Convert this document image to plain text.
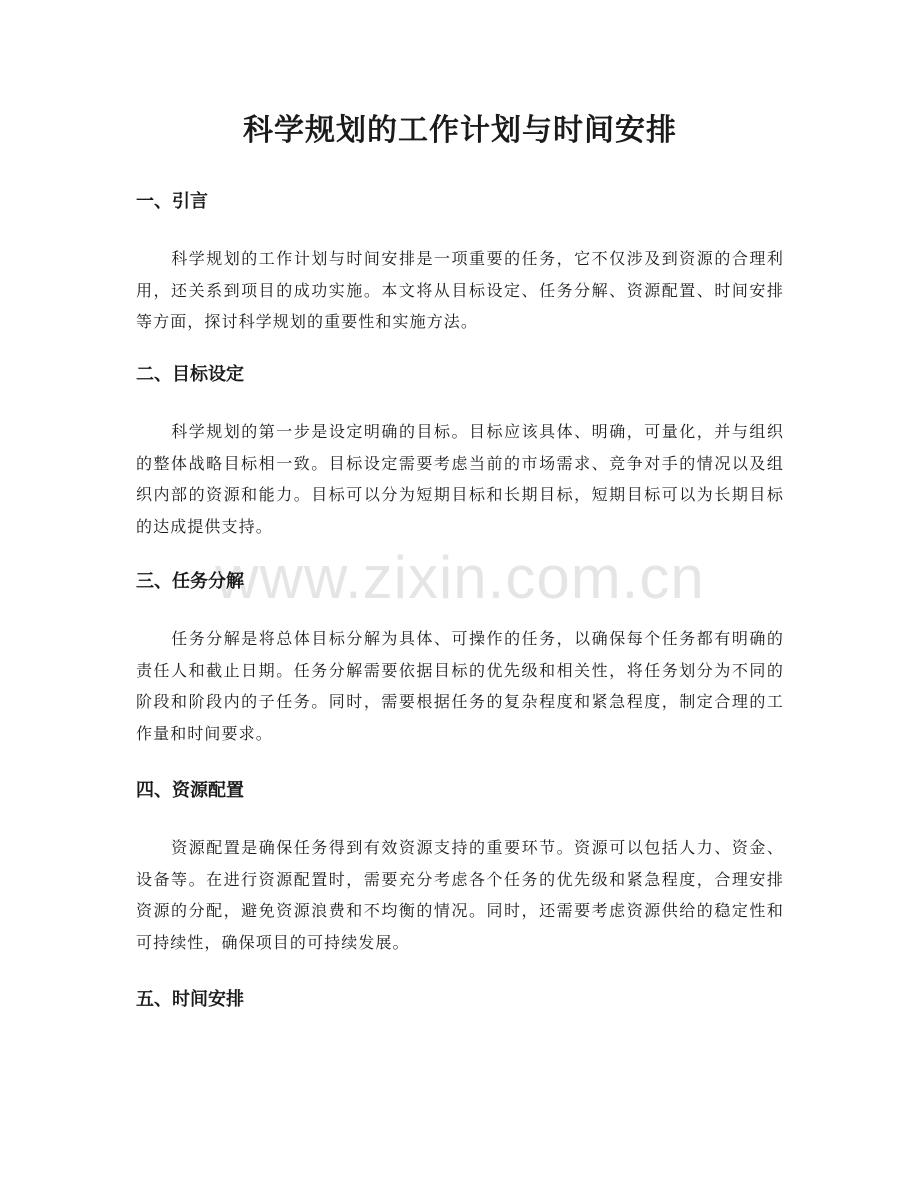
科学规划的工作计划与时间安排
一、引言

科学规划的工作计划与时间安排是一项重要的任务，它不仅涉及到资源的合理利用，还关系到项目的成功实施。本文将从目标设定、任务分解、资源配置、时间安排等方面，探讨科学规划的重要性和实施方法。

二、目标设定

科学规划的第一步是设定明确的目标。目标应该具体、明确，可量化，并与组织的整体战略目标相一致。目标设定需要考虑当前的市场需求、竞争对手的情况以及组织内部的资源和能力。目标可以分为短期目标和长期目标，短期目标可以为长期目标的达成提供支持。

三、任务分解

任务分解是将总体目标分解为具体、可操作的任务，以确保每个任务都有明确的责任人和截止日期。任务分解需要依据目标的优先级和相关性，将任务划分为不同的阶段和阶段内的子任务。同时，需要根据任务的复杂程度和紧急程度，制定合理的工作量和时间要求。

四、资源配置

资源配置是确保任务得到有效资源支持的重要环节。资源可以包括人力、资金、设备等。在进行资源配置时，需要充分考虑各个任务的优先级和紧急程度，合理安排资源的分配，避免资源浪费和不均衡的情况。同时，还需要考虑资源供给的稳定性和可持续性，确保项目的可持续发展。

五、时间安排
www.zixin.com.cn
